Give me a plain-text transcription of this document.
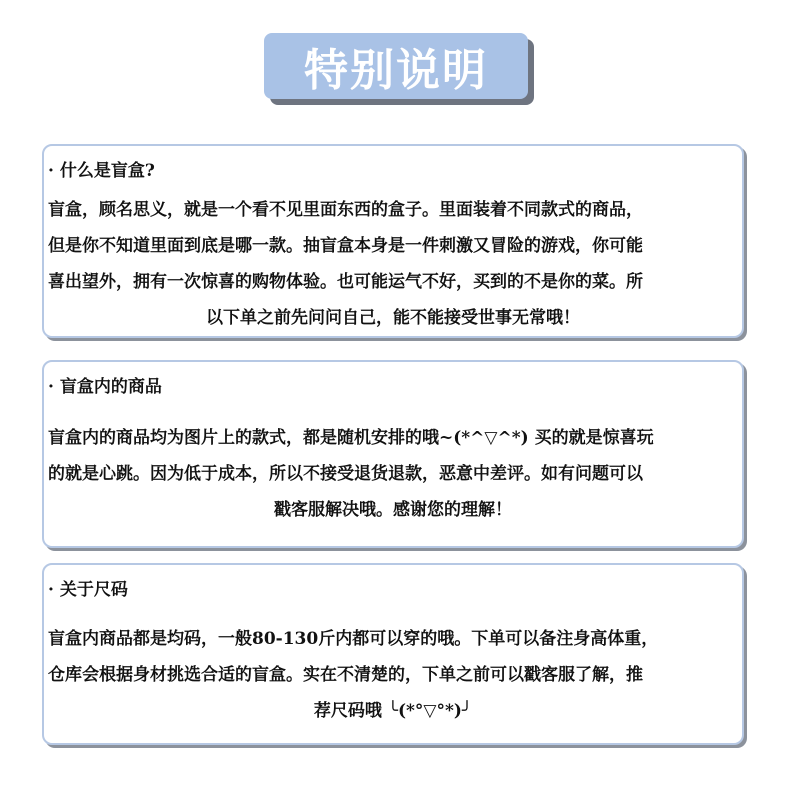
特别说明
· 什么是盲盒?
盲盒，顾名思义，就是一个看不见里面东西的盒子。里面装着不同款式的商品，
但是你不知道里面到底是哪一款。抽盲盒本身是一件刺激又冒险的游戏，你可能
喜出望外，拥有一次惊喜的购物体验。也可能运气不好，买到的不是你的菜。所
以下单之前先问问自己，能不能接受世事无常哦！
· 盲盒内的商品
盲盒内的商品均为图片上的款式，都是随机安排的哦~(*^▽^*) 买的就是惊喜玩
的就是心跳。因为低于成本，所以不接受退货退款，恶意中差评。如有问题可以
戳客服解决哦。感谢您的理解！
· 关于尺码
盲盒内商品都是均码，一般80-130斤内都可以穿的哦。下单可以备注身高体重，
仓库会根据身材挑选合适的盲盒。实在不清楚的，下单之前可以戳客服了解，推
荐尺码哦 ╰(*°▽°*)╯
